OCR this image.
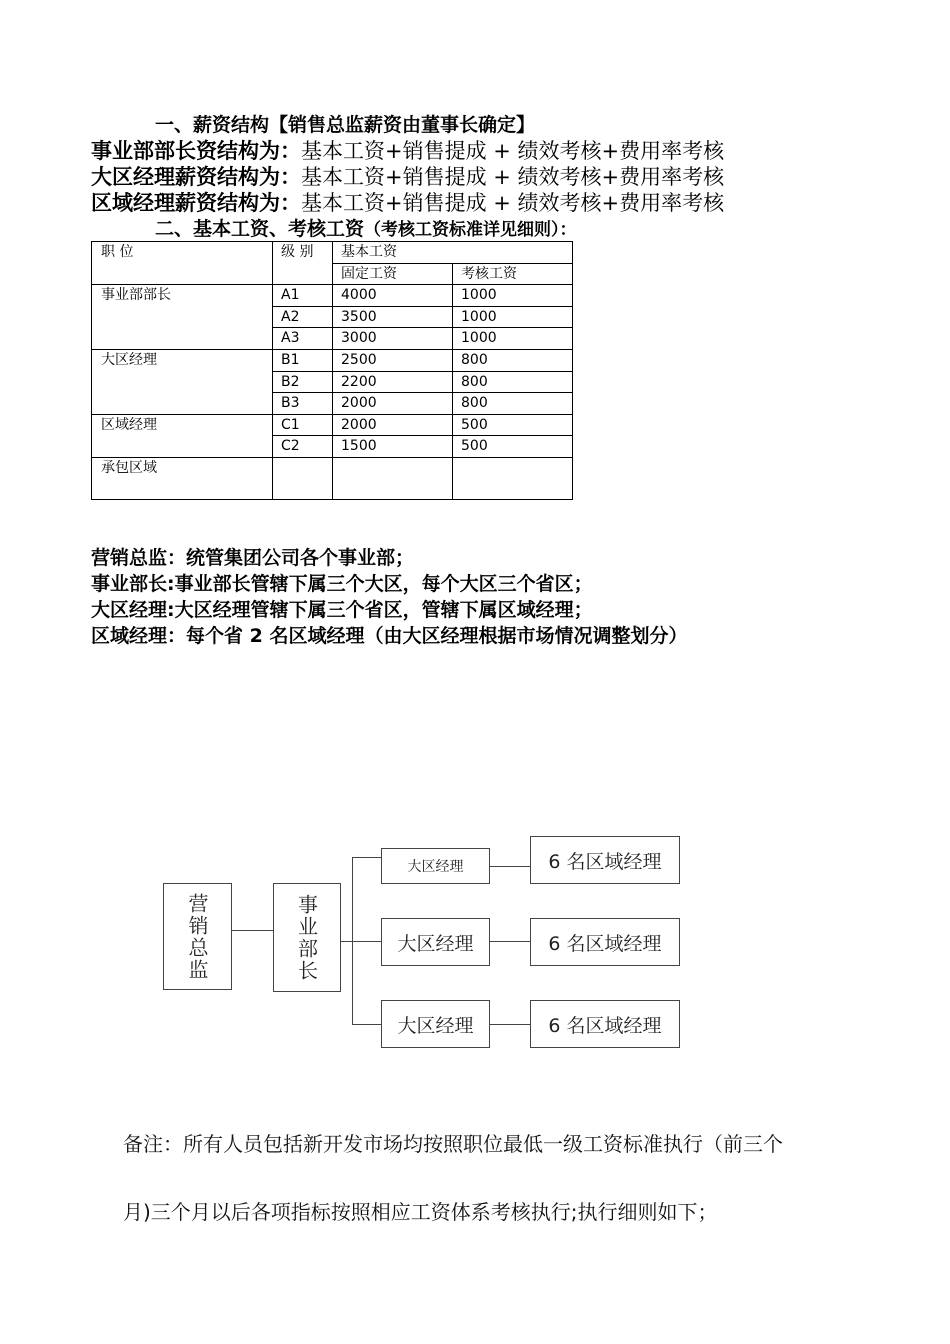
一、薪资结构【销售总监薪资由董事长确定】
事业部部长资结构为：基本工资+销售提成 + 绩效考核+费用率考核
大区经理薪资结构为：基本工资+销售提成 + 绩效考核+费用率考核
区域经理薪资结构为：基本工资+销售提成 + 绩效考核+费用率考核
二、基本工资、考核工资（考核工资标准详见细则）：
职 位	级 别	基本工资	
		固定工资	考核工资
事业部部长	A1	4000	1000
	A2	3500	1000
	A3	3000	1000
大区经理	B1	2500	800
	B2	2200	800
	B3	2000	800
区域经理	C1	2000	500
	C2	1500	500
承包区域			
营销总监：统管集团公司各个事业部；
事业部长:事业部长管辖下属三个大区，每个大区三个省区；
大区经理:大区经理管辖下属三个省区，管辖下属区域经理；
区域经理：每个省 2 名区域经理（由大区经理根据市场情况调整划分）
营销总监	事业部长
大区经理	6 名区域经理
大区经理	6 名区域经理
大区经理	6 名区域经理
备注：所有人员包括新开发市场均按照职位最低一级工资标准执行（前三个
月)三个月以后各项指标按照相应工资体系考核执行;执行细则如下；
